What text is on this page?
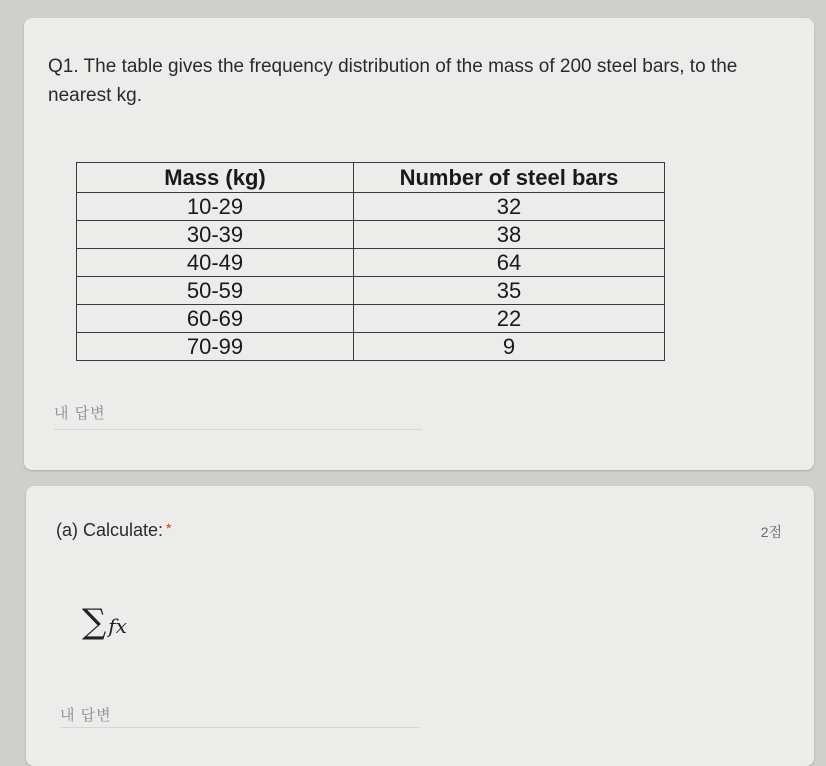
Q1. The table gives the frequency distribution of the mass of 200 steel bars, to the nearest kg.
Mass (kg)	Number of steel bars
10-29	32
30-39	38
40-49	64
50-59	35
60-69	22
70-99	9
내 답변
(a) Calculate: *	2점
∑ fx
내 답변
